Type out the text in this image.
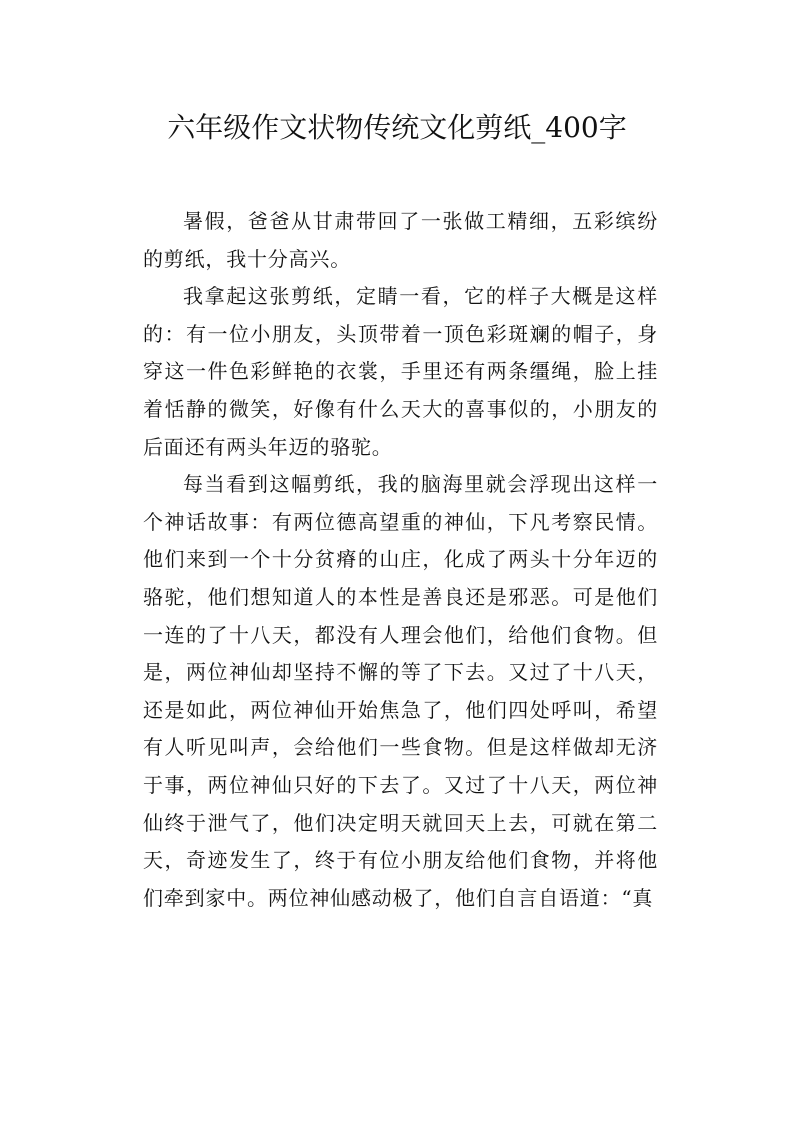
六年级作文状物传统文化剪纸_400字

暑假，爸爸从甘肃带回了一张做工精细，五彩缤纷的剪纸，我十分高兴。

我拿起这张剪纸，定睛一看，它的样子大概是这样的：有一位小朋友，头顶带着一顶色彩斑斓的帽子，身穿这一件色彩鲜艳的衣裳，手里还有两条缰绳，脸上挂着恬静的微笑，好像有什么天大的喜事似的，小朋友的后面还有两头年迈的骆驼。

每当看到这幅剪纸，我的脑海里就会浮现出这样一个神话故事：有两位德高望重的神仙，下凡考察民情。他们来到一个十分贫瘠的山庄，化成了两头十分年迈的骆驼，他们想知道人的本性是善良还是邪恶。可是他们一连的了十八天，都没有人理会他们，给他们食物。但是，两位神仙却坚持不懈的等了下去。又过了十八天，还是如此，两位神仙开始焦急了，他们四处呼叫，希望有人听见叫声，会给他们一些食物。但是这样做却无济于事，两位神仙只好的下去了。又过了十八天，两位神仙终于泄气了，他们决定明天就回天上去，可就在第二天，奇迹发生了，终于有位小朋友给他们食物，并将他们牵到家中。两位神仙感动极了，他们自言自语道：“真
